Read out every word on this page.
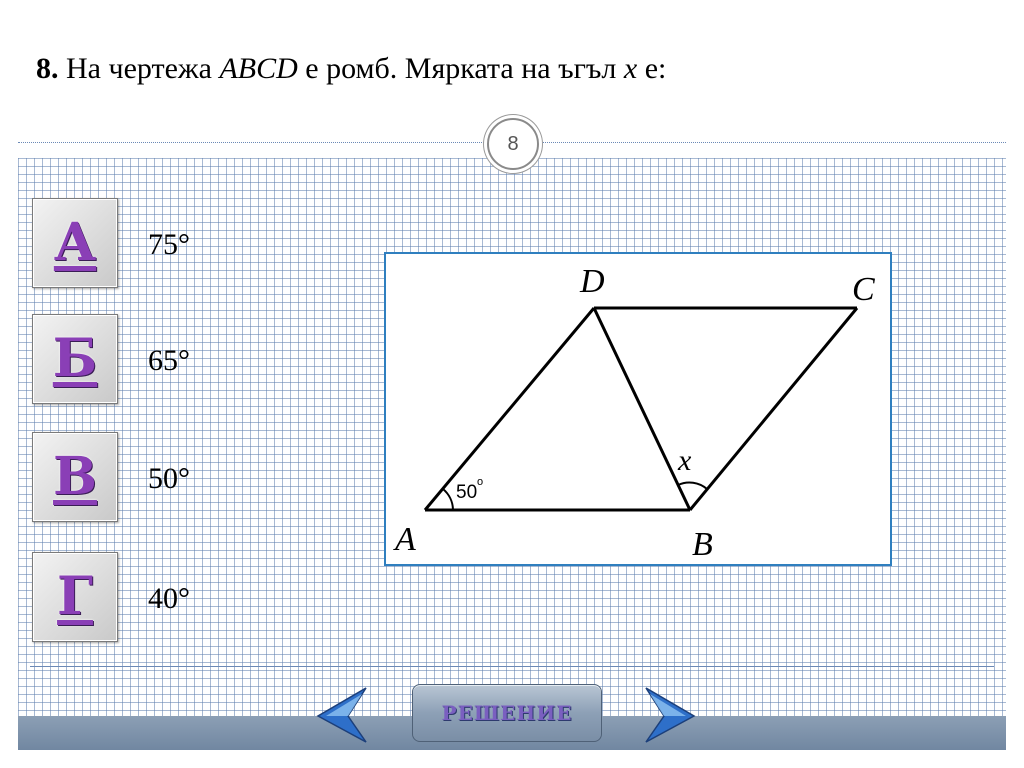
8. На чертежа ABCD е ромб. Мярката на ъгъл x е:
8
А 75°
Б 65°
В 50°
Г 40°
50 o
x
A	B
C
D
РЕШЕНИЕ
